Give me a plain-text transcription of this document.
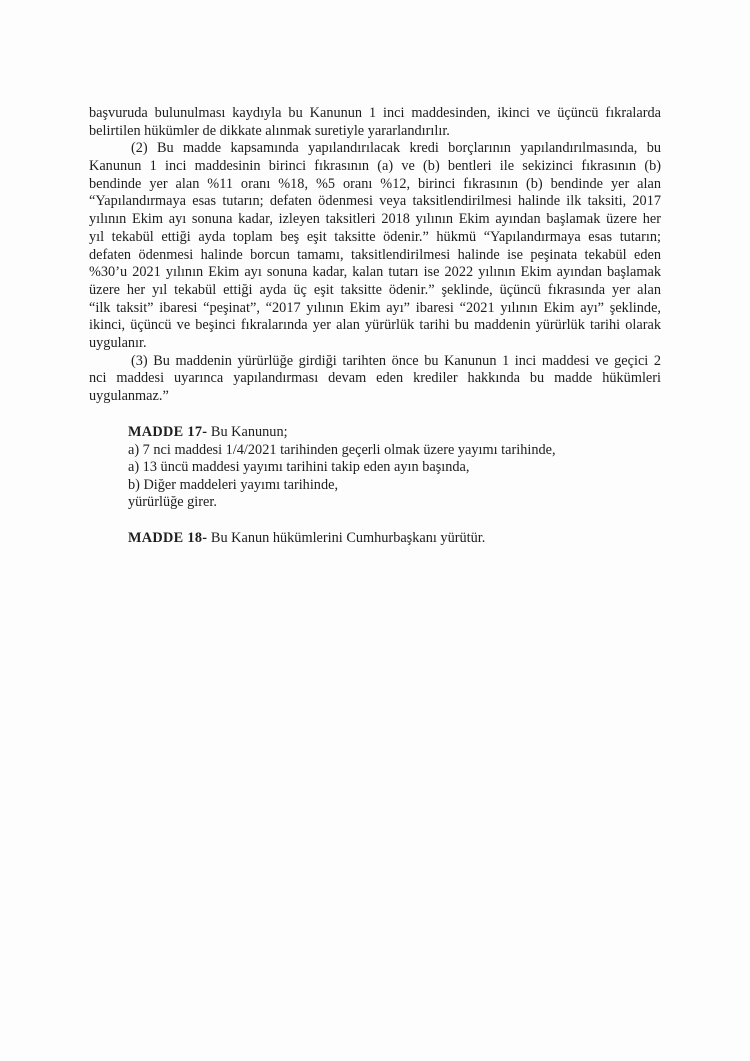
başvuruda bulunulması kaydıyla bu Kanunun 1 inci maddesinden, ikinci ve üçüncü fıkralarda
belirtilen hükümler de dikkate alınmak suretiyle yararlandırılır.
(2) Bu madde kapsamında yapılandırılacak kredi borçlarının yapılandırılmasında, bu
Kanunun 1 inci maddesinin birinci fıkrasının (a) ve (b) bentleri ile sekizinci fıkrasının (b)
bendinde yer alan %11 oranı %18, %5 oranı %12, birinci fıkrasının (b) bendinde yer alan
“Yapılandırmaya esas tutarın; defaten ödenmesi veya taksitlendirilmesi halinde ilk taksiti, 2017
yılının Ekim ayı sonuna kadar, izleyen taksitleri 2018 yılının Ekim ayından başlamak üzere her
yıl tekabül ettiği ayda toplam beş eşit taksitte ödenir.” hükmü “Yapılandırmaya esas tutarın;
defaten ödenmesi halinde borcun tamamı, taksitlendirilmesi halinde ise peşinata tekabül eden
%30’u 2021 yılının Ekim ayı sonuna kadar, kalan tutarı ise 2022 yılının Ekim ayından başlamak
üzere her yıl tekabül ettiği ayda üç eşit taksitte ödenir.” şeklinde, üçüncü fıkrasında yer alan
“ilk taksit” ibaresi “peşinat”, “2017 yılının Ekim ayı” ibaresi “2021 yılının Ekim ayı” şeklinde,
ikinci, üçüncü ve beşinci fıkralarında yer alan yürürlük tarihi bu maddenin yürürlük tarihi olarak
uygulanır.
(3) Bu maddenin yürürlüğe girdiği tarihten önce bu Kanunun 1 inci maddesi ve geçici 2
nci maddesi uyarınca yapılandırması devam eden krediler hakkında bu madde hükümleri
uygulanmaz.”
MADDE 17- Bu Kanunun;
a) 7 nci maddesi 1/4/2021 tarihinden geçerli olmak üzere yayımı tarihinde,
a) 13 üncü maddesi yayımı tarihini takip eden ayın başında,
b) Diğer maddeleri yayımı tarihinde,
yürürlüğe girer.
MADDE 18- Bu Kanun hükümlerini Cumhurbaşkanı yürütür.
